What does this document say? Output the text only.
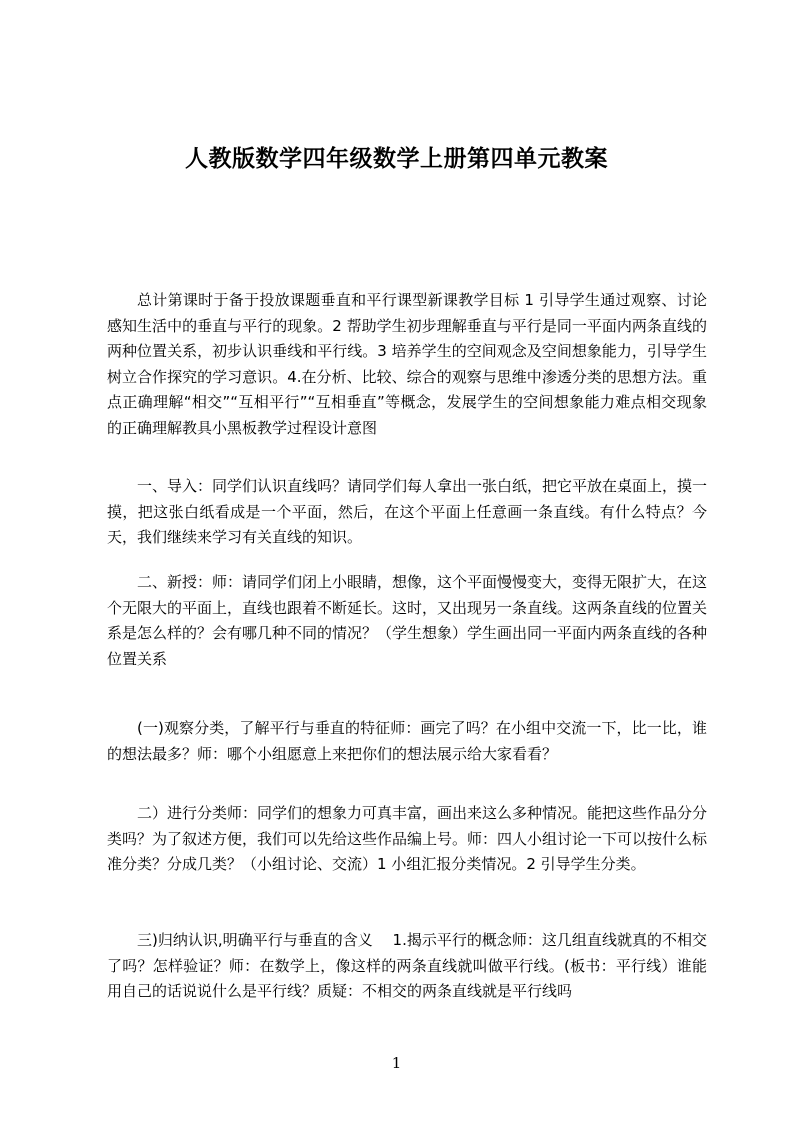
人教版数学四年级数学上册第四单元教案

总计第课时于备于投放课题垂直和平行课型新课教学目标 1 引导学生通过观察、讨论感知生活中的垂直与平行的现象。2 帮助学生初步理解垂直与平行是同一平面内两条直线的两种位置关系，初步认识垂线和平行线。3 培养学生的空间观念及空间想象能力，引导学生树立合作探究的学习意识。4.在分析、比较、综合的观察与思维中渗透分类的思想方法。重点正确理解“相交”“互相平行”“互相垂直”等概念，发展学生的空间想象能力难点相交现象的正确理解教具小黑板教学过程设计意图

一、导入：同学们认识直线吗？请同学们每人拿出一张白纸，把它平放在桌面上，摸一摸，把这张白纸看成是一个平面，然后，在这个平面上任意画一条直线。有什么特点？今天，我们继续来学习有关直线的知识。

二、新授：师：请同学们闭上小眼睛，想像，这个平面慢慢变大，变得无限扩大，在这个无限大的平面上，直线也跟着不断延长。这时，又出现另一条直线。这两条直线的位置关系是怎么样的？会有哪几种不同的情况？（学生想象）学生画出同一平面内两条直线的各种位置关系

(一)观察分类，了解平行与垂直的特征师：画完了吗？在小组中交流一下，比一比，谁的想法最多？师：哪个小组愿意上来把你们的想法展示给大家看看？

二）进行分类师：同学们的想象力可真丰富，画出来这么多种情况。能把这些作品分分类吗？为了叙述方便，我们可以先给这些作品编上号。师：四人小组讨论一下可以按什么标准分类？分成几类？（小组讨论、交流）1 小组汇报分类情况。2 引导学生分类。

三)归纳认识,明确平行与垂直的含义　 1.揭示平行的概念师：这几组直线就真的不相交了吗？怎样验证？师：在数学上，像这样的两条直线就叫做平行线。(板书：平行线）谁能用自己的话说说什么是平行线？质疑：不相交的两条直线就是平行线吗

1
